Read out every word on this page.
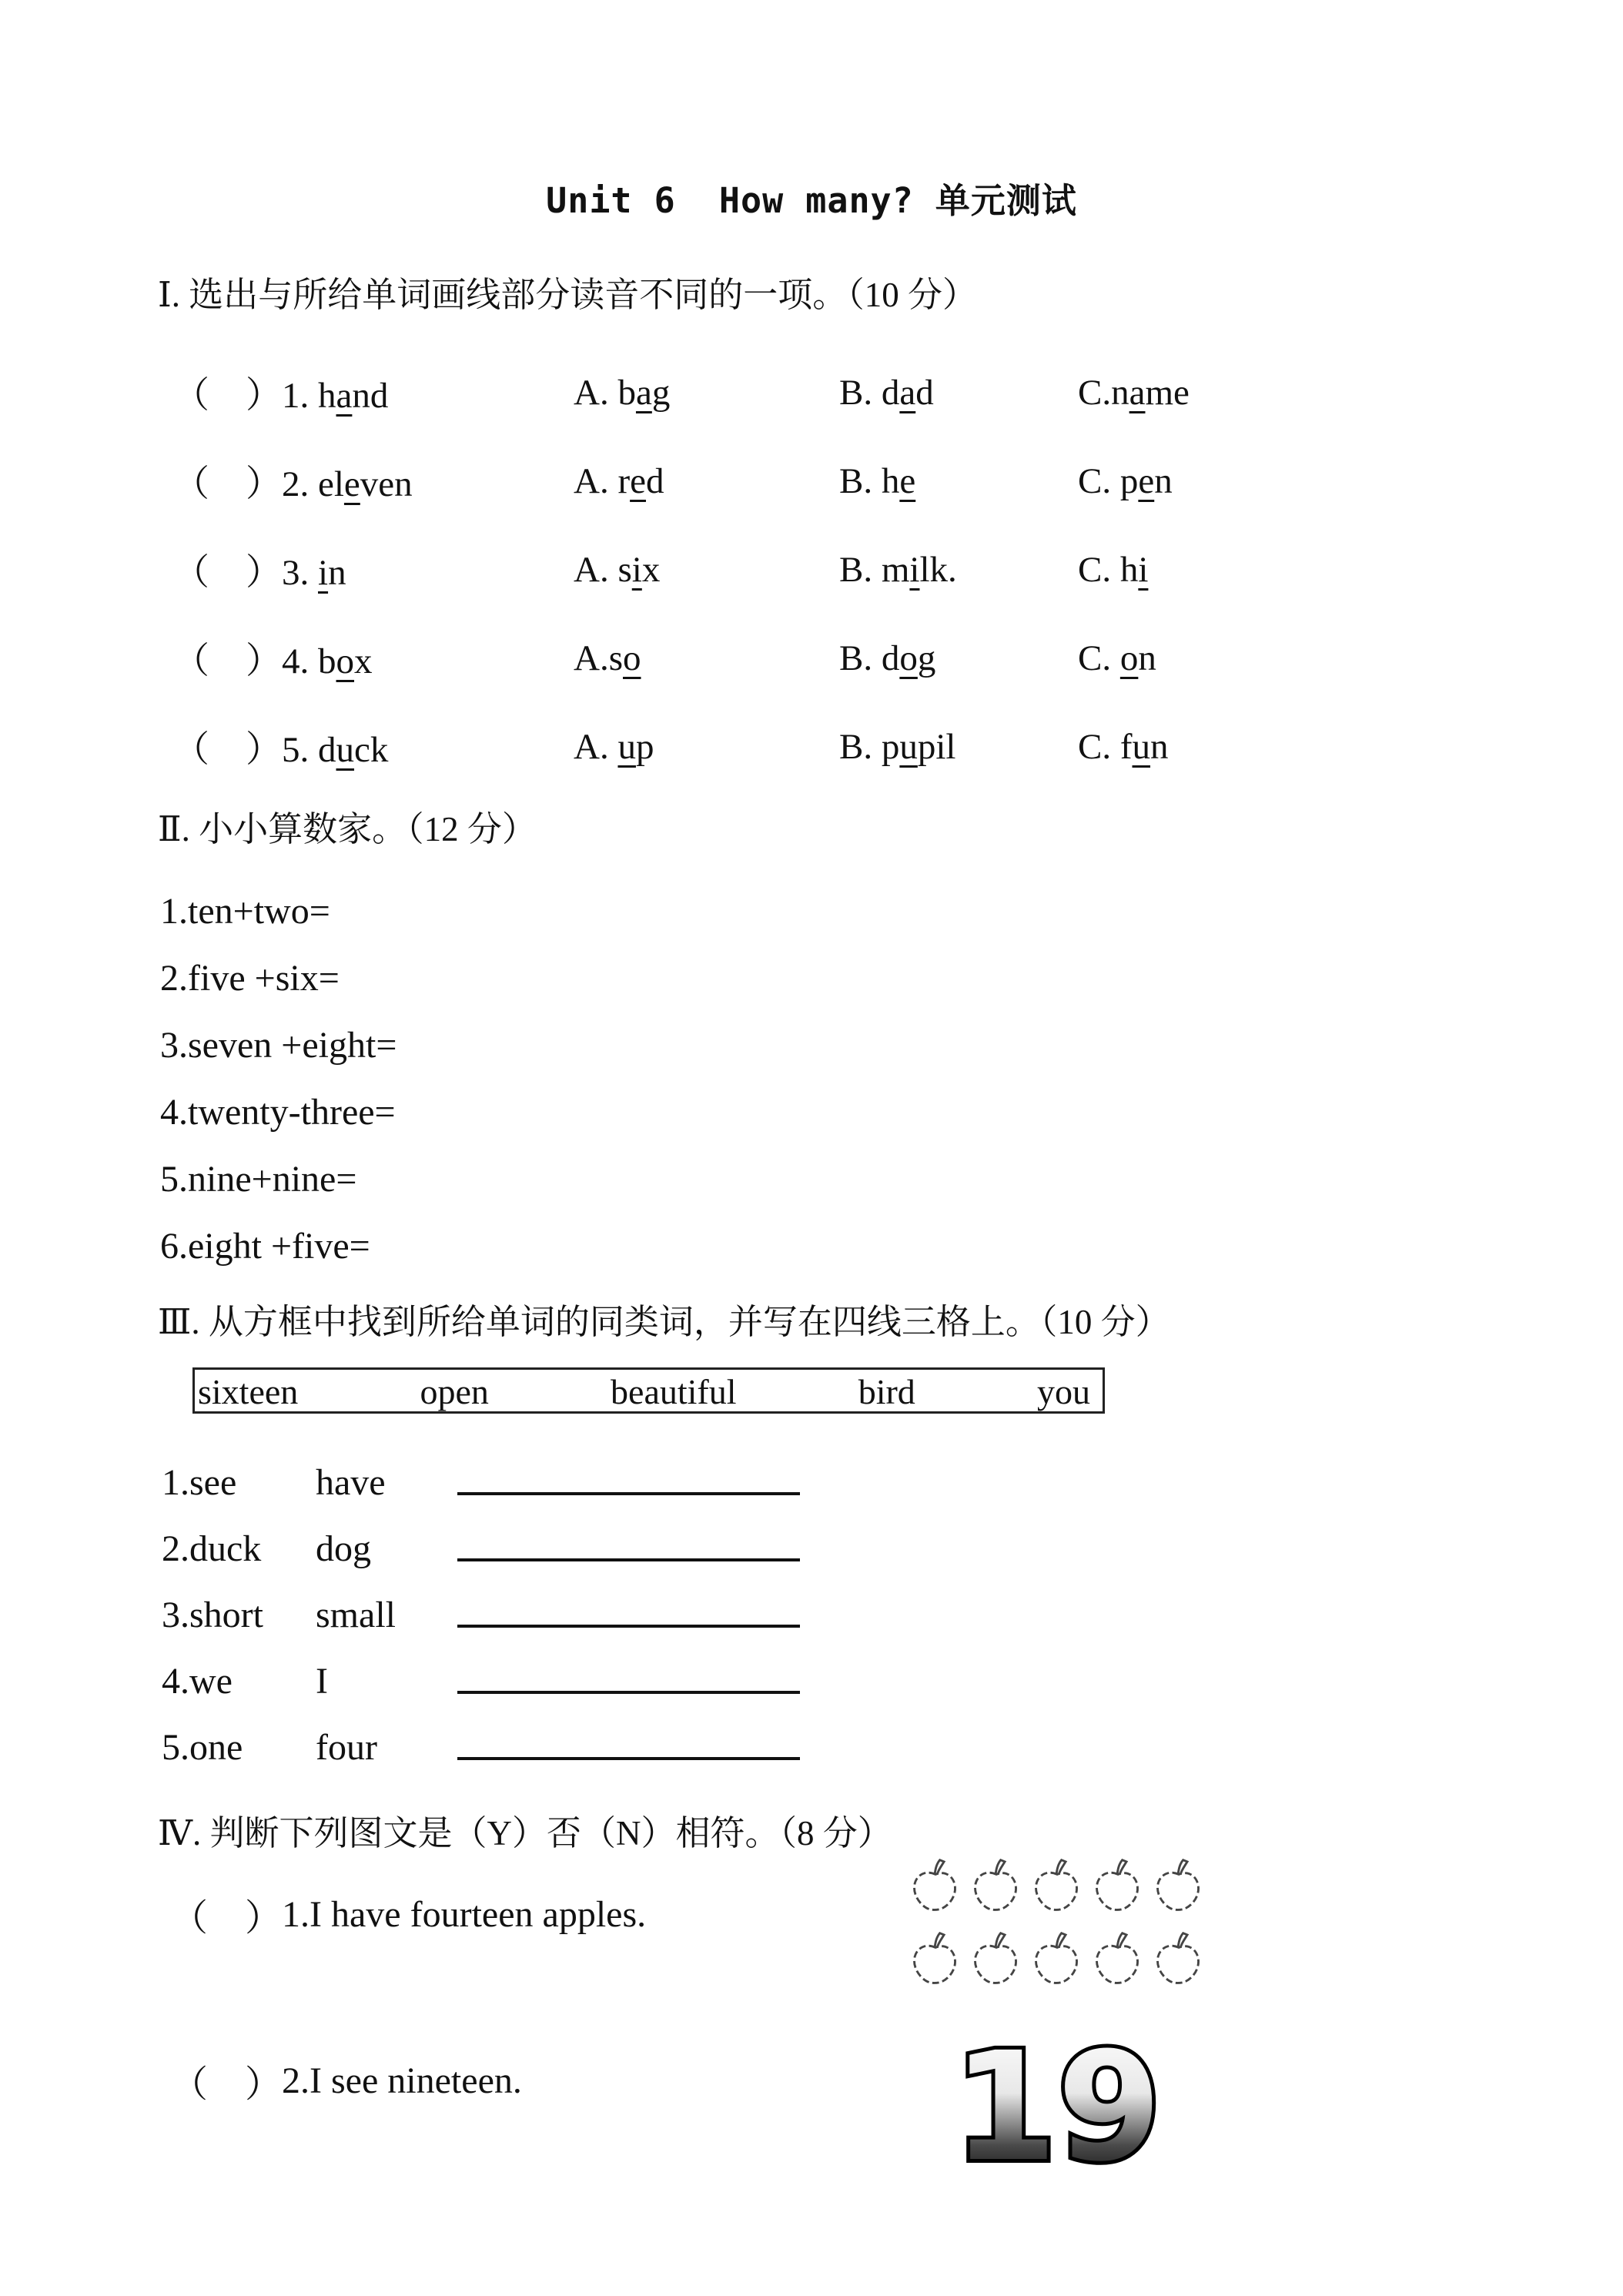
Unit 6  How many? 单元测试
Ⅰ. 选出与所给单词画线部分读音不同的一项。（10 分）
（　）1. hand	A. bag	B. dad	C.name
（　）2. eleven	A. red	B. he	C. pen
（　）3. in	A. six	B. milk.	C. hi
（　）4. box	A.so	B. dog	C. on
（　）5. duck	A. up	B. pupil	C. fun
Ⅱ. 小小算数家。（12 分）

1.ten+two=

2.five +six=

3.seven +eight=

4.twenty-three=

5.nine+nine=

6.eight +five=

Ⅲ. 从方框中找到所给单词的同类词，并写在四线三格上。（10 分）
sixteen	open	beautiful	bird	you
1.see	have
2.duck	dog
3.short	small
4.we	I
5.one	four
Ⅳ. 判断下列图文是（Y）否（N）相符。（8 分）
（　） 1.I have fourteen apples.
（　） 2.I see nineteen.	19
